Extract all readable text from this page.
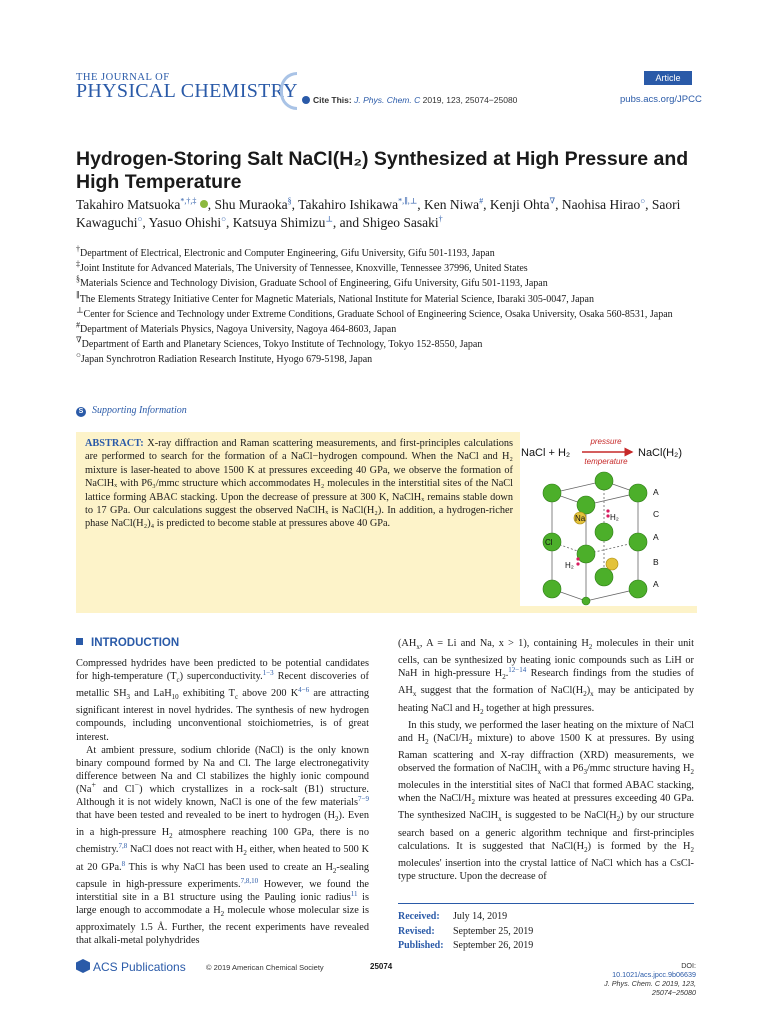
THE JOURNAL OF
PHYSICAL CHEMISTRY	Cite This: J. Phys. Chem. C 2019, 123, 25074−25080
Article
pubs.acs.org/JPCC
Hydrogen-Storing Salt NaCl(H₂) Synthesized at High Pressure and High Temperature
Takahiro Matsuoka*,†,‡ , Shu Muraoka§, Takahiro Ishikawa*,∥,⊥, Ken Niwa#, Kenji Ohta∇, Naohisa Hirao○, Saori Kawaguchi○, Yasuo Ohishi○, Katsuya Shimizu⊥, and Shigeo Sasaki†
†Department of Electrical, Electronic and Computer Engineering, Gifu University, Gifu 501-1193, Japan
‡Joint Institute for Advanced Materials, The University of Tennessee, Knoxville, Tennessee 37996, United States
§Materials Science and Technology Division, Graduate School of Engineering, Gifu University, Gifu 501-1193, Japan
∥The Elements Strategy Initiative Center for Magnetic Materials, National Institute for Material Science, Ibaraki 305-0047, Japan
⊥Center for Science and Technology under Extreme Conditions, Graduate School of Engineering Science, Osaka University, Osaka 560-8531, Japan
#Department of Materials Physics, Nagoya University, Nagoya 464-8603, Japan
∇Department of Earth and Planetary Sciences, Tokyo Institute of Technology, Tokyo 152-8550, Japan
○Japan Synchrotron Radiation Research Institute, Hyogo 679-5198, Japan
S Supporting Information
ABSTRACT: X-ray diffraction and Raman scattering measurements, and first-principles calculations are performed to search for the formation of a NaCl−hydrogen compound. When the NaCl and H₂ mixture is laser-heated to above 1500 K at pressures exceeding 40 GPa, we observe the formation of NaClHₓ with P6₃/mmc structure which accommodates H₂ molecules in the interstitial sites of the NaCl lattice forming ABAC stacking. Upon the decrease of pressure at 300 K, NaClHₓ remains stable down to 17 GPa. Our calculations suggest the observed NaClHₓ is NaCl(H₂). In addition, a hydrogen-richer phase NaCl(H₂)₄ is predicted to become stable at pressures above 40 GPa.
NaCl + H₂
pressure
temperature
NaCl(H₂)
Na	H₂
Cl
H₂
A
C
A
B
A
INTRODUCTION

Compressed hydrides have been predicted to be potential candidates for high-temperature $(T_c)$ superconductivity.$^{1-3}$ Recent discoveries of metallic $SH_3$ and LaH$_{10}$ exhibiting $T_c$ above 200 K$^{4-6}$ are attracting significant interest in novel hydrides. The synthesis of new hydrogen compounds, including unconventional stoichiometries, is of great interest.

At ambient pressure, sodium chloride (NaCl) is the only known binary compound formed by Na and Cl. The large electronegativity difference between Na and Cl stabilizes the highly ionic compound (Na+ and Cl−) which crystallizes in a rock-salt (B1) structure. Although it is not widely known, NaCl is one of the few materials$^{7-9}$ that have been tested and revealed to be inert to hydrogen $(H_2)$. Even in a high-pressure $H_2$ atmosphere reaching 100 GPa, there is no chemistry.$^{7,8}$ NaCl does not react with $H_2$ either, when heated to 500 K at 20 GPa.$^8$ This is why NaCl has been used to create an $H_2$-sealing capsule in high-pressure experiments.$^{7,8,10}$ However, we found the interstitial site in a B1 structure using the Pauling ionic radius$^{11}$ is large enough to accommodate a $H_2$ molecule whose molecular size is approximately 1.5 Å. Further, the recent experiments have revealed that alkali-metal polyhydrides

($AH_x$, A = Li and Na, x > 1), containing $H_2$ molecules in their unit cells, can be synthesized by heating ionic compounds such as LiH or NaH in high-pressure $H_2.^{12-14}$ Research findings from the studies of $AH_x$ suggest that the formation of $NaCl(H_2)_x$ may be anticipated by heating NaCl and $H_2$ together at high pressures.

In this study, we performed the laser heating on the mixture of NaCl and $H_2$ ($NaCl/H_2$ mixture) to above 1500 K at pressures. By using Raman scattering and X-ray diffraction (XRD) measurements, we observed the formation of NaClH$_x$ with a $P6_3$/mmc structure having $H_2$ molecules in the interstitial sites of NaCl that formed ABAC stacking, when the NaCl/$H_2$ mixture was heated at pressures exceeding 40 GPa. The synthesized NaClH$_x$ is suggested to be $NaCl(H_2)$ by our structure search based on a generic algorithm technique and first-principles calculations. It is suggested that $NaCl(H_2)$ is formed by the $H_2$ molecules' insertion into the crystal lattice of NaCl which has a CsCl-type structure. Upon the decrease of

Received: July 14, 2019
Revised: September 25, 2019
Published: September 26, 2019
ACS Publications	© 2019 American Chemical Society	25074	DOI: 10.1021/acs.jpcc.9b06639
J. Phys. Chem. C 2019, 123, 25074−25080
